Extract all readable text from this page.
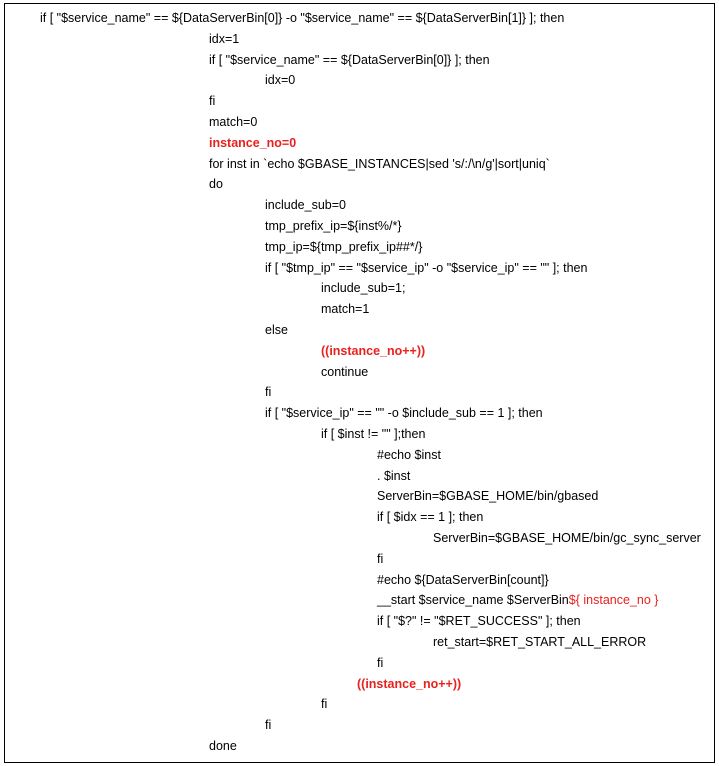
if [ "$service_name" == ${DataServerBin[0]} -o "$service_name" == ${DataServerBin[1]} ]; then
idx=1
if [ "$service_name" == ${DataServerBin[0]} ]; then
idx=0
fi
match=0
instance_no=0
for inst in `echo $GBASE_INSTANCES|sed 's/:/\n/g'|sort|uniq`
do
include_sub=0
tmp_prefix_ip=${inst%/*}
tmp_ip=${tmp_prefix_ip##*/}
if [ "$tmp_ip" == "$service_ip" -o "$service_ip" == "" ]; then
include_sub=1;
match=1
else
((instance_no++))
continue
fi
if [ "$service_ip" == "" -o $include_sub == 1 ]; then
if [ $inst != "" ];then
#echo $inst
. $inst
ServerBin=$GBASE_HOME/bin/gbased
if [ $idx == 1 ]; then
ServerBin=$GBASE_HOME/bin/gc_sync_server
fi
#echo ${DataServerBin[count]}
__start $service_name $ServerBin${ instance_no }
if [ "$?" != "$RET_SUCCESS" ]; then
ret_start=$RET_START_ALL_ERROR
fi
((instance_no++))
fi
fi
done
